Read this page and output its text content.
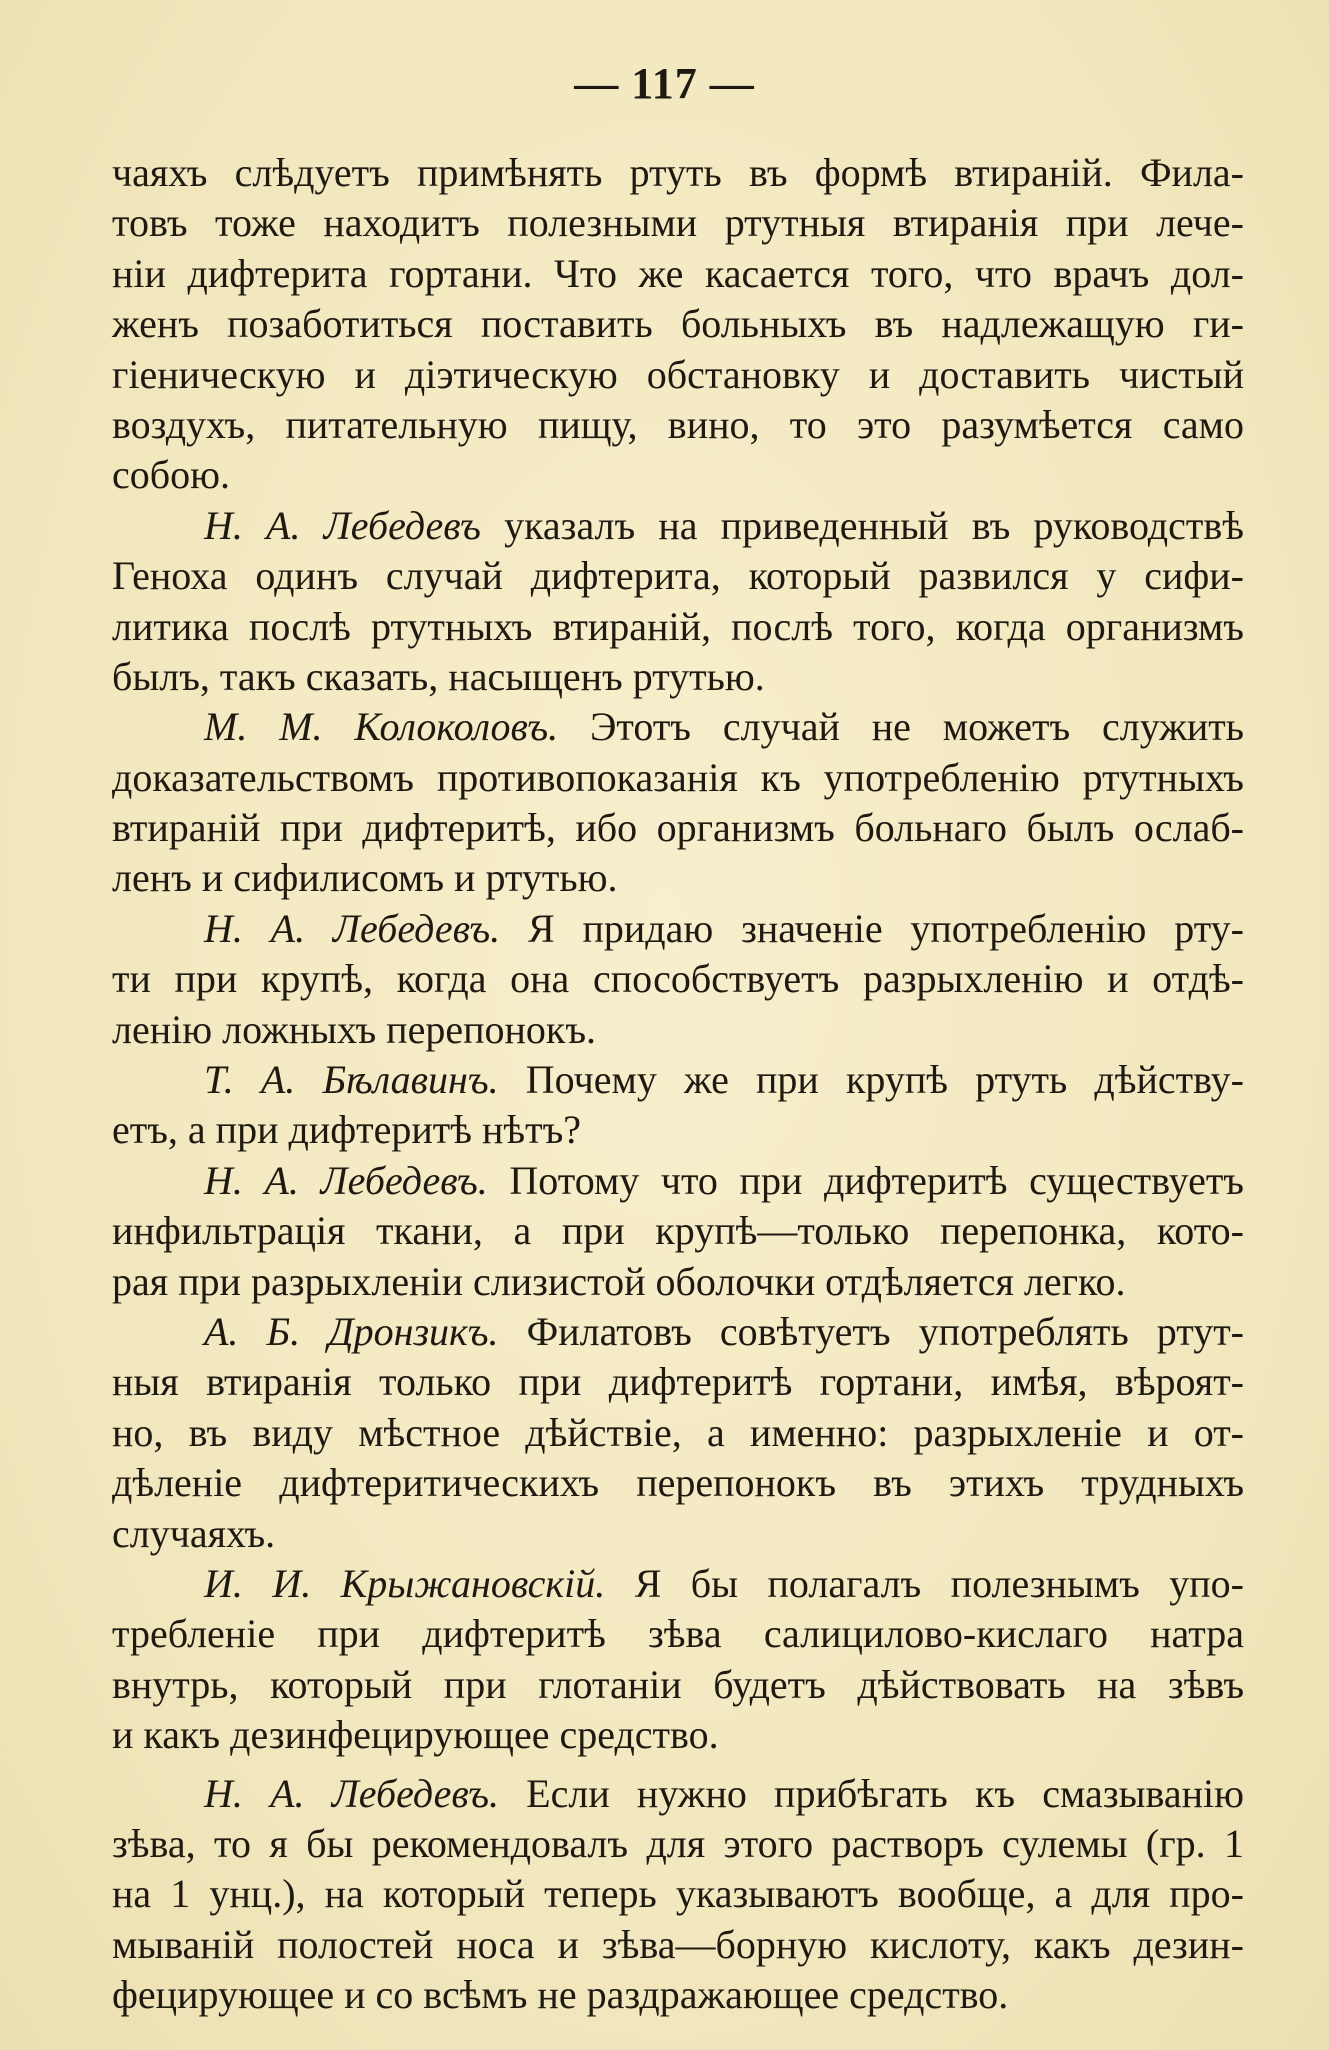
— 117 —
чаяхъ слѣдуетъ примѣнять ртуть въ формѣ втираній. Фила-
товъ тоже находитъ полезными ртутныя втиранія при лече-
ніи дифтерита гортани. Что же касается того, что врачъ дол-
женъ позаботиться поставить больныхъ въ надлежащую ги-
гіеническую и діэтическую обстановку и доставить чистый
воздухъ, питательную пищу, вино, то это разумѣется само
собою.
Н. А. Лебедевъ указалъ на приведенный въ руководствѣ
Геноха одинъ случай дифтерита, который развился у сифи-
литика послѣ ртутныхъ втираній, послѣ того, когда организмъ
былъ, такъ сказать, насыщенъ ртутью.
М. М. Колоколовъ. Этотъ случай не можетъ служить
доказательствомъ противопоказанія къ употребленію ртутныхъ
втираній при дифтеритѣ, ибо организмъ больнаго былъ ослаб-
ленъ и сифилисомъ и ртутью.
Н. А. Лебедевъ. Я придаю значеніе употребленію рту-
ти при крупѣ, когда она способствуетъ разрыхленію и отдѣ-
ленію ложныхъ перепонокъ.
Т. А. Бѣлавинъ. Почему же при крупѣ ртуть дѣйству-
етъ, а при дифтеритѣ нѣтъ?
Н. А. Лебедевъ. Потому что при дифтеритѣ существуетъ
инфильтрація ткани, а при крупѣ—только перепонка, кото-
рая при разрыхленіи слизистой оболочки отдѣляется легко.
А. Б. Дронзикъ. Филатовъ совѣтуетъ употреблять ртут-
ныя втиранія только при дифтеритѣ гортани, имѣя, вѣроят-
но, въ виду мѣстное дѣйствіе, а именно: разрыхленіе и от-
дѣленіе дифтеритическихъ перепонокъ въ этихъ трудныхъ
случаяхъ.
И. И. Крыжановскій. Я бы полагалъ полезнымъ упо-
требленіе при дифтеритѣ зѣва салицилово-кислаго натра
внутрь, который при глотаніи будетъ дѣйствовать на зѣвъ
и какъ дезинфецирующее средство.
Н. А. Лебедевъ. Если нужно прибѣгать къ смазыванію
зѣва, то я бы рекомендовалъ для этого растворъ сулемы (гр. 1
на 1 унц.), на который теперь указываютъ вообще, а для про-
мываній полостей носа и зѣва—борную кислоту, какъ дезин-
фецирующее и со всѣмъ не раздражающее средство.
